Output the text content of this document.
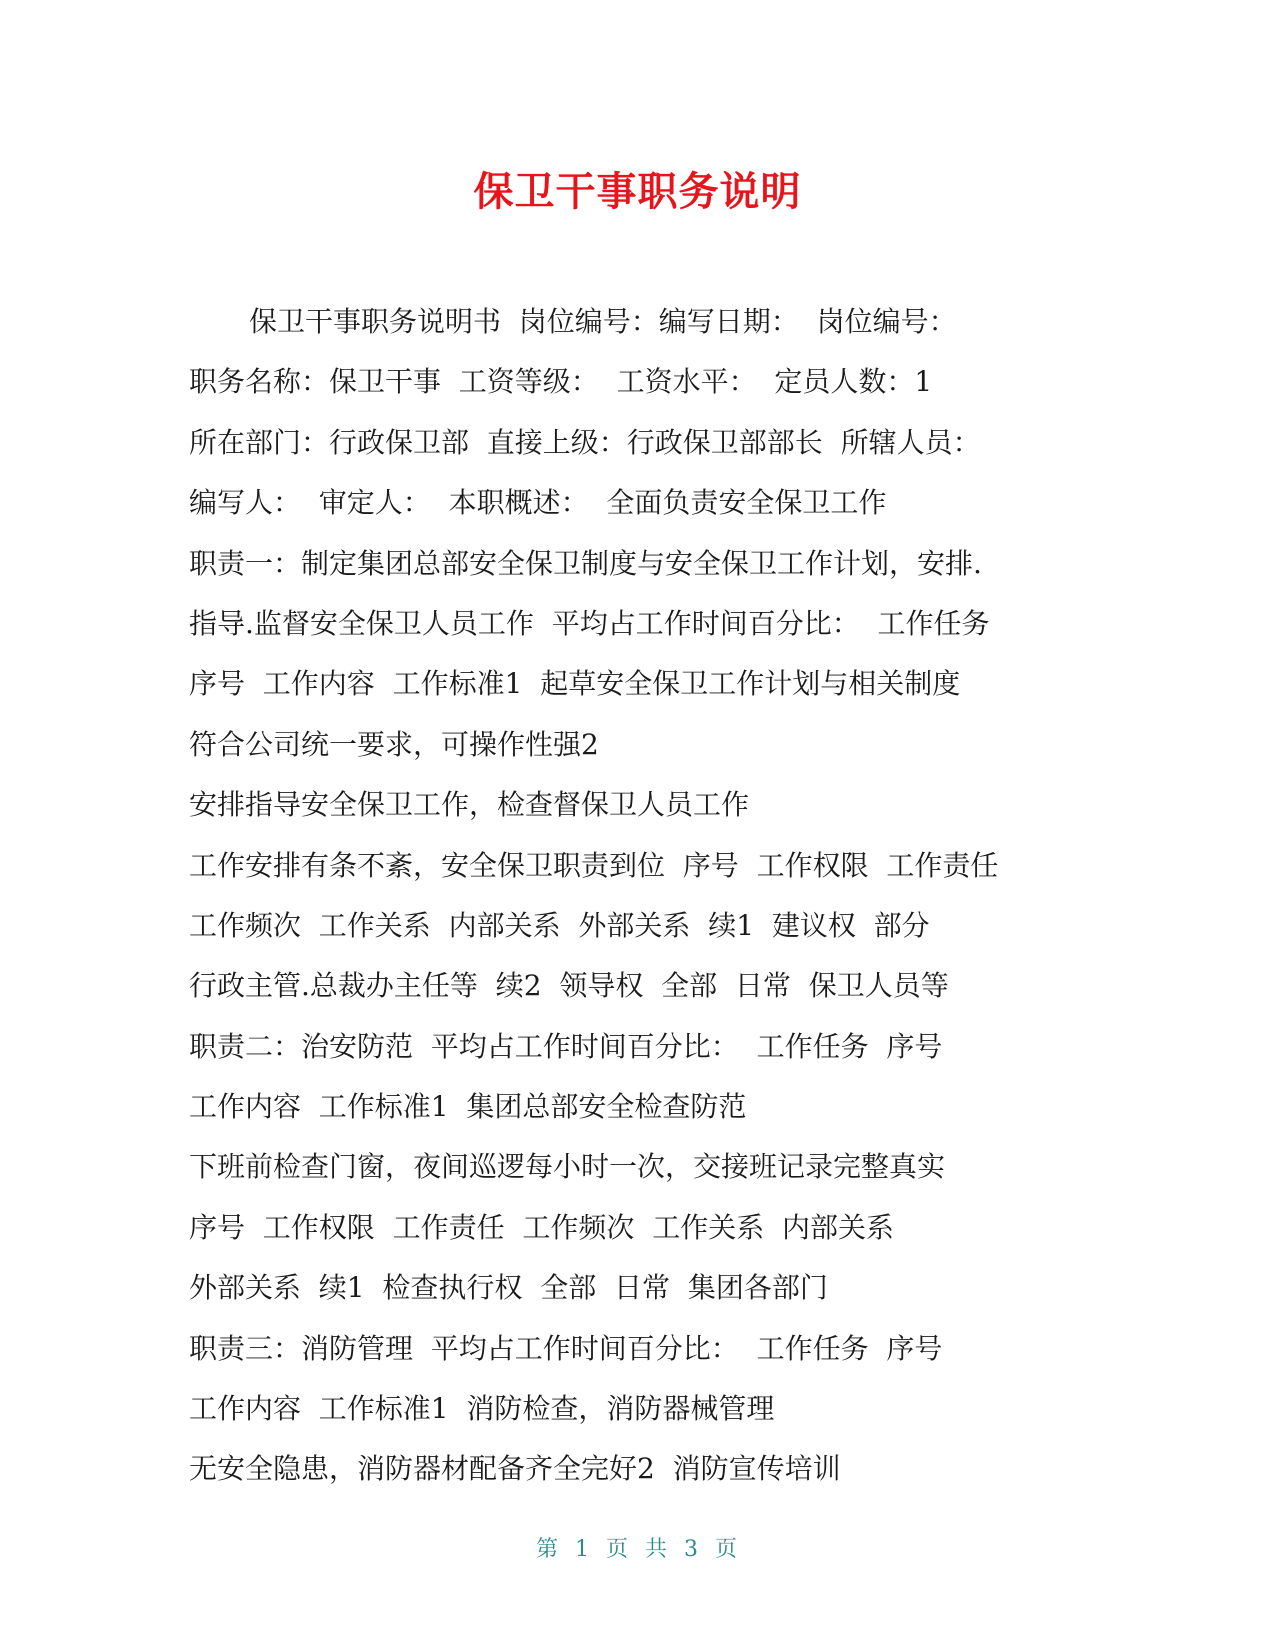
保卫干事职务说明
保卫干事职务说明书  岗位编号：编写日期：  岗位编号：
职务名称：保卫干事  工资等级：  工资水平：  定员人数：1
所在部门：行政保卫部  直接上级：行政保卫部部长  所辖人员：
编写人：  审定人：  本职概述：  全面负责安全保卫工作
职责一：制定集团总部安全保卫制度与安全保卫工作计划，安排.
指导.监督安全保卫人员工作  平均占工作时间百分比：  工作任务
序号  工作内容  工作标准1  起草安全保卫工作计划与相关制度
符合公司统一要求，可操作性强2
安排指导安全保卫工作，检查督保卫人员工作
工作安排有条不紊，安全保卫职责到位  序号  工作权限  工作责任
工作频次  工作关系  内部关系  外部关系  续1  建议权  部分
行政主管.总裁办主任等  续2  领导权  全部  日常  保卫人员等
职责二：治安防范  平均占工作时间百分比：  工作任务  序号
工作内容  工作标准1  集团总部安全检查防范
下班前检查门窗，夜间巡逻每小时一次，交接班记录完整真实
序号  工作权限  工作责任  工作频次  工作关系  内部关系
外部关系  续1  检查执行权  全部  日常  集团各部门
职责三：消防管理  平均占工作时间百分比：  工作任务  序号
工作内容  工作标准1  消防检查，消防器械管理
无安全隐患，消防器材配备齐全完好2  消防宣传培训
第 1 页 共 3 页
